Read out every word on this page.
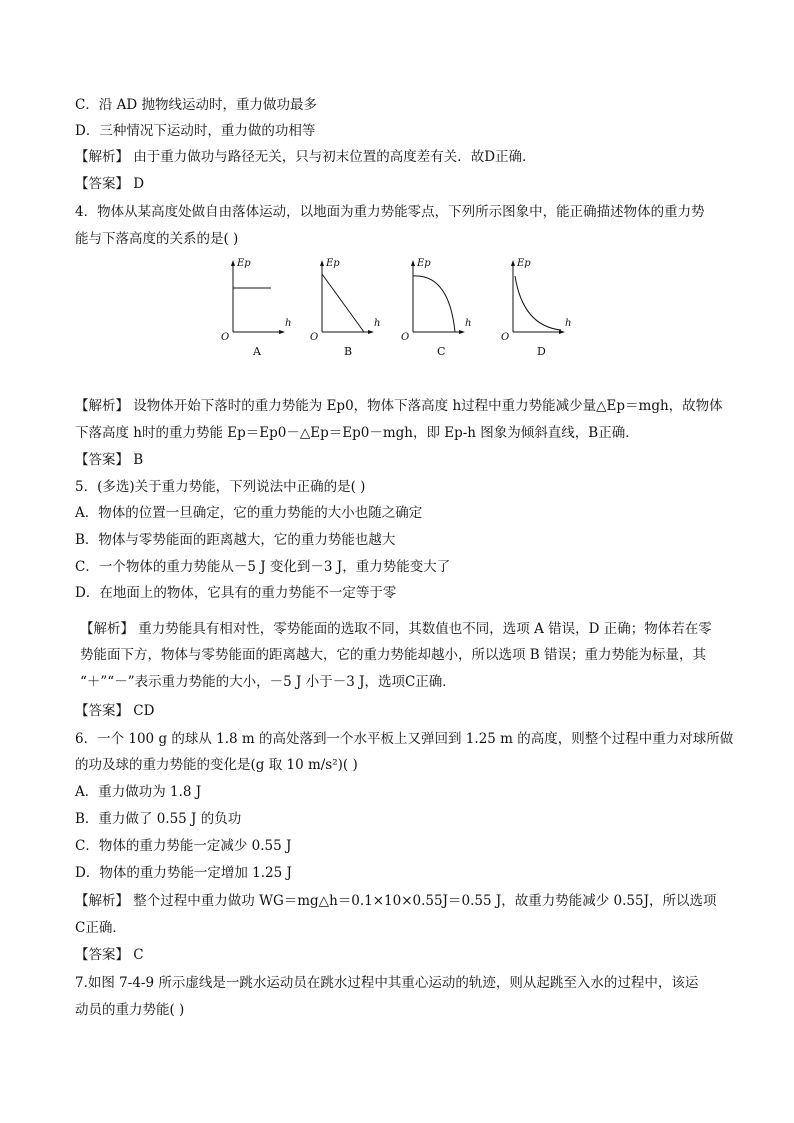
C．沿 AD 抛物线运动时，重力做功最多
D．三种情况下运动时，重力做的功相等
【解析】 由于重力做功与路径无关，只与初末位置的高度差有关．故D正确．
【答案】 D
4．物体从某高度处做自由落体运动，以地面为重力势能零点，下列所示图象中，能正确描述物体的重力势
能与下落高度的关系的是( )
Ep
h
O
A
Ep
h
O
B
Ep
h
O
C
Ep
h
O
D
【解析】 设物体开始下落时的重力势能为 Ep0，物体下落高度 h过程中重力势能减少量△Ep＝mgh，故物体
下落高度 h时的重力势能 Ep＝Ep0－△Ep＝Ep0－mgh，即 Ep-h 图象为倾斜直线，B正确．
【答案】 B
5．(多选)关于重力势能，下列说法中正确的是( )
A．物体的位置一旦确定，它的重力势能的大小也随之确定
B．物体与零势能面的距离越大，它的重力势能也越大
C．一个物体的重力势能从－5 J 变化到－3 J，重力势能变大了
D．在地面上的物体，它具有的重力势能不一定等于零
【解析】 重力势能具有相对性，零势能面的选取不同，其数值也不同，选项 A 错误，D 正确；物体若在零
势能面下方，物体与零势能面的距离越大，它的重力势能却越小，所以选项 B 错误；重力势能为标量，其
“＋”“－”表示重力势能的大小，－5 J 小于－3 J，选项C正确．
【答案】 CD
6．一个 100 g 的球从 1.8 m 的高处落到一个水平板上又弹回到 1.25 m 的高度，则整个过程中重力对球所做
的功及球的重力势能的变化是(g 取 10 m/s²)( )
A．重力做功为 1.8 J
B．重力做了 0.55 J 的负功
C．物体的重力势能一定减少 0.55 J
D．物体的重力势能一定增加 1.25 J
【解析】 整个过程中重力做功 WG＝mg△h＝0.1×10×0.55J＝0.55 J，故重力势能减少 0.55J，所以选项
C正确．
【答案】 C
7.如图 7-4-9 所示虚线是一跳水运动员在跳水过程中其重心运动的轨迹，则从起跳至入水的过程中，该运
动员的重力势能( )
